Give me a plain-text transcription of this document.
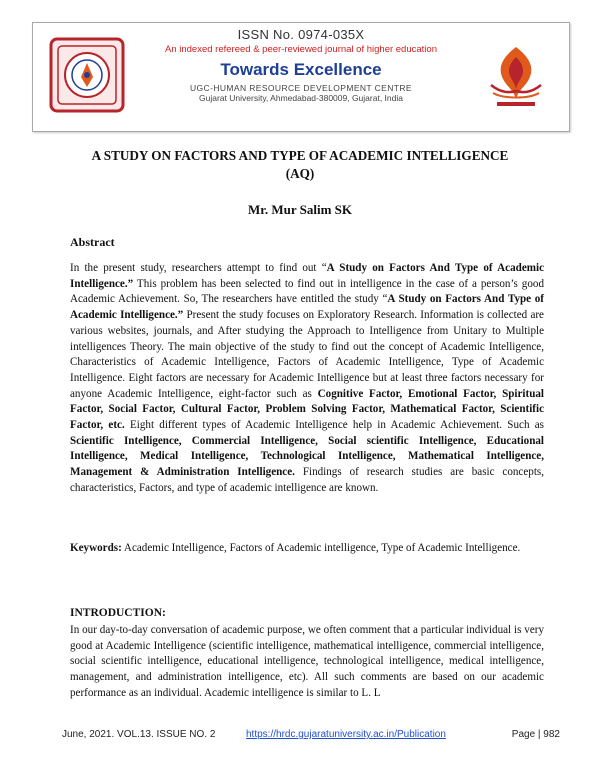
ISSN No. 0974-035X
An indexed refereed & peer-reviewed journal of higher education
Towards Excellence
UGC-HUMAN RESOURCE DEVELOPMENT CENTRE
Gujarat University, Ahmedabad-380009, Gujarat, India
A STUDY ON FACTORS AND TYPE OF ACADEMIC INTELLIGENCE
(AQ)
Mr. Mur Salim SK
Abstract
In the present study, researchers attempt to find out “A Study on Factors And Type of Academic Intelligence.” This problem has been selected to find out in intelligence in the case of a person’s good Academic Achievement. So, The researchers have entitled the study “A Study on Factors And Type of Academic Intelligence.” Present the study focuses on Exploratory Research. Information is collected are various websites, journals, and After studying the Approach to Intelligence from Unitary to Multiple intelligences Theory. The main objective of the study to find out the concept of Academic Intelligence, Characteristics of Academic Intelligence, Factors of Academic Intelligence, Type of Academic Intelligence. Eight factors are necessary for Academic Intelligence but at least three factors necessary for anyone Academic Intelligence, eight-factor such as Cognitive Factor, Emotional Factor, Spiritual Factor, Social Factor, Cultural Factor, Problem Solving Factor, Mathematical Factor, Scientific Factor, etc. Eight different types of Academic Intelligence help in Academic Achievement. Such as Scientific Intelligence, Commercial Intelligence, Social scientific Intelligence, Educational Intelligence, Medical Intelligence, Technological Intelligence, Mathematical Intelligence, Management & Administration Intelligence. Findings of research studies are basic concepts, characteristics, Factors, and type of academic intelligence are known.
Keywords: Academic Intelligence, Factors of Academic intelligence, Type of Academic Intelligence.
INTRODUCTION:
In our day-to-day conversation of academic purpose, we often comment that a particular individual is very good at Academic Intelligence (scientific intelligence, mathematical intelligence, commercial intelligence, social scientific intelligence, educational intelligence, technological intelligence, medical intelligence, management, and administration intelligence, etc). All such comments are based on our academic performance as an individual. Academic intelligence is similar to L. L
June, 2021. VOL.13. ISSUE NO. 2	https://hrdc.gujaratuniversity.ac.in/Publication	Page | 982
